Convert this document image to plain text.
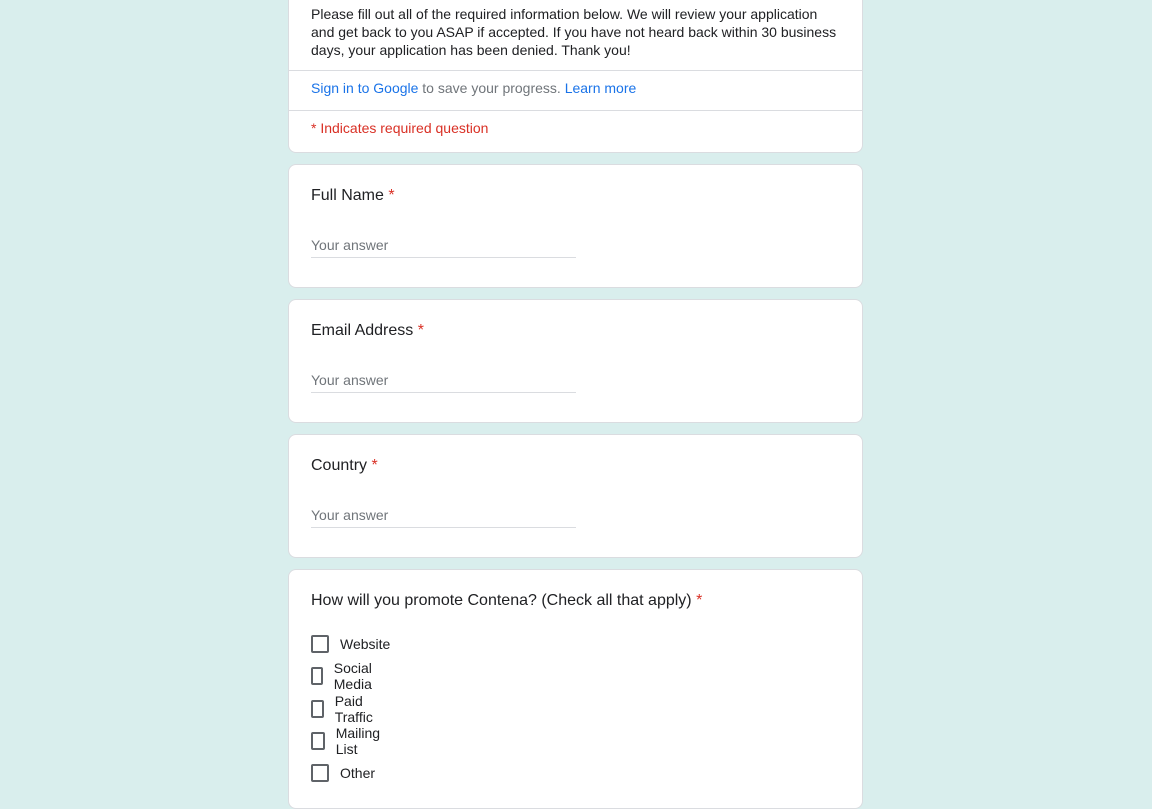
Please fill out all of the required information below. We will review your application and get back to you ASAP if accepted. If you have not heard back within 30 business days, your application has been denied. Thank you!
Sign in to Google to save your progress. Learn more
* Indicates required question
Full Name *
Your answer
Email Address *
Your answer
Country *
Your answer
How will you promote Contena? (Check all that apply) *
Website
Social Media
Paid Traffic
Mailing List
Other
